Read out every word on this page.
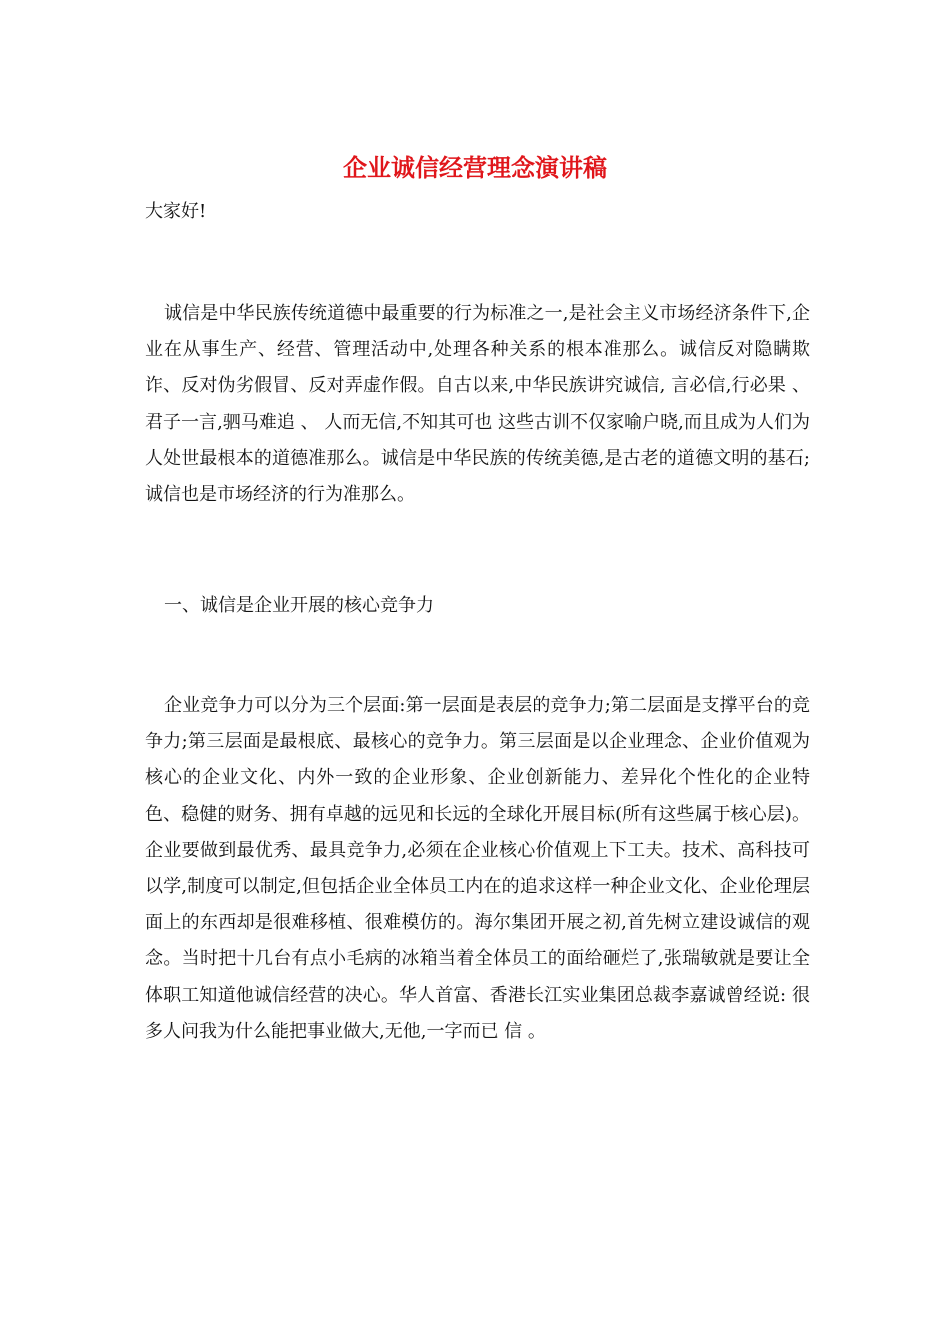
企业诚信经营理念演讲稿

大家好!

诚信是中华民族传统道德中最重要的行为标准之一,是社会主义市场经济条件下,企业在从事生产、经营、管理活动中,处理各种关系的根本准那么。诚信反对隐瞒欺诈、反对伪劣假冒、反对弄虚作假。自古以来,中华民族讲究诚信, 言必信,行必果 、 君子一言,驷马难追 、 人而无信,不知其可也 这些古训不仅家喻户晓,而且成为人们为人处世最根本的道德准那么。诚信是中华民族的传统美德,是古老的道德文明的基石;诚信也是市场经济的行为准那么。

一、诚信是企业开展的核心竞争力

企业竞争力可以分为三个层面:第一层面是表层的竞争力;第二层面是支撑平台的竞争力;第三层面是最根底、最核心的竞争力。第三层面是以企业理念、企业价值观为核心的企业文化、内外一致的企业形象、企业创新能力、差异化个性化的企业特色、稳健的财务、拥有卓越的远见和长远的全球化开展目标(所有这些属于核心层)。企业要做到最优秀、最具竞争力,必须在企业核心价值观上下工夫。技术、高科技可以学,制度可以制定,但包括企业全体员工内在的追求这样一种企业文化、企业伦理层面上的东西却是很难移植、很难模仿的。海尔集团开展之初,首先树立建设诚信的观念。当时把十几台有点小毛病的冰箱当着全体员工的面给砸烂了,张瑞敏就是要让全体职工知道他诚信经营的决心。华人首富、香港长江实业集团总裁李嘉诚曾经说: 很多人问我为什么能把事业做大,无他,一字而已 信 。
